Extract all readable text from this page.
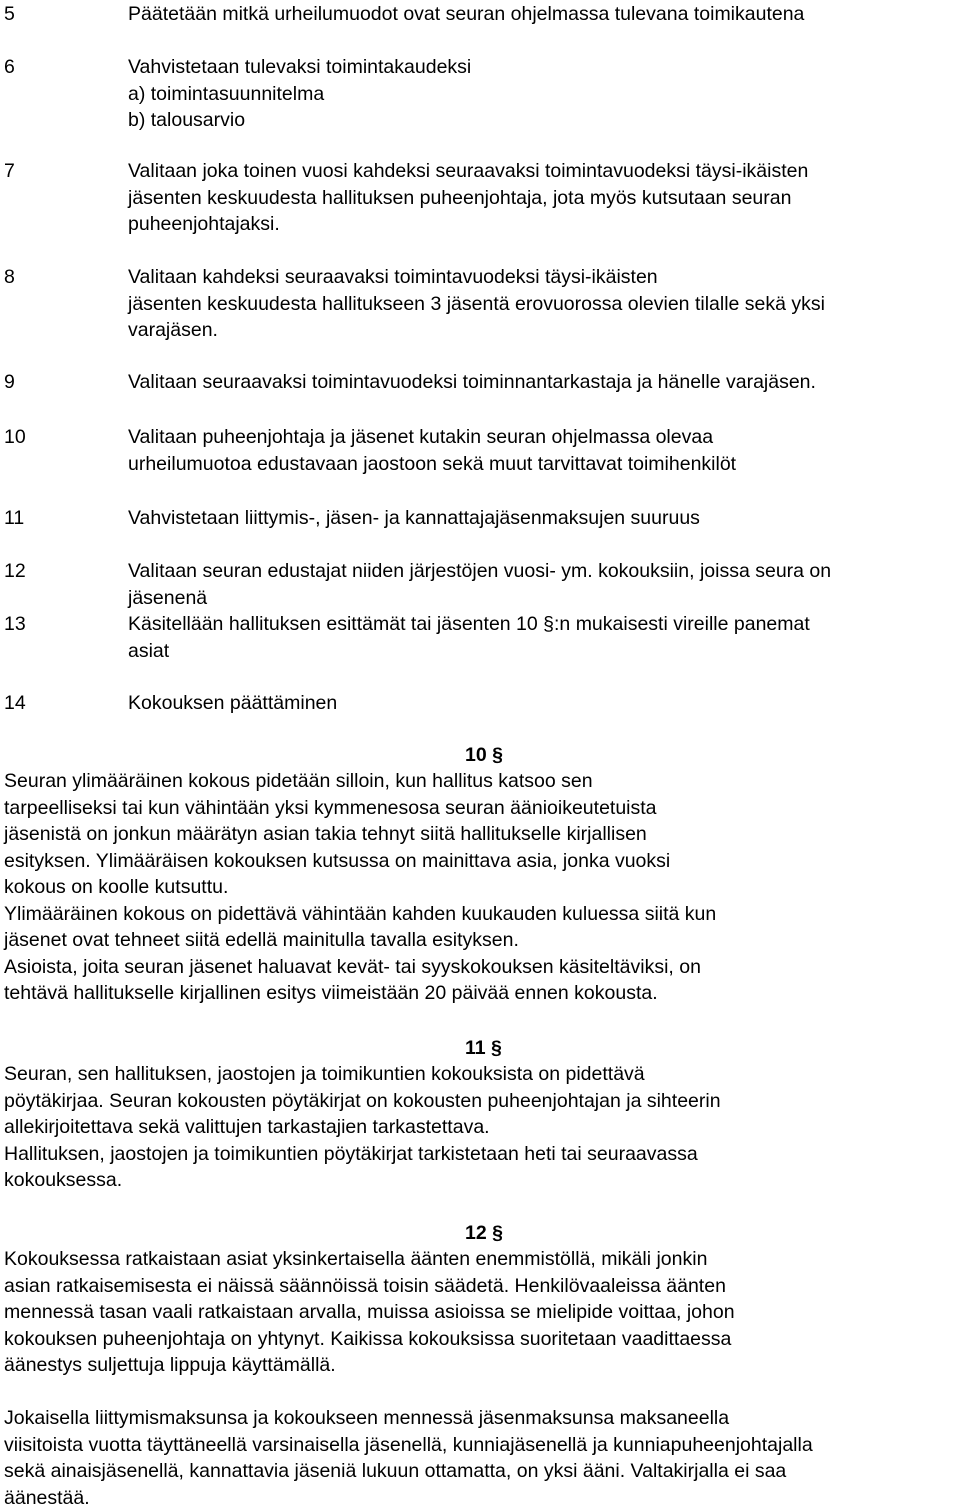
5	Päätetään mitkä urheilumuodot ovat seuran ohjelmassa tulevana toimikautena
6	Vahvistetaan tulevaksi toimintakaudeksi
a) toimintasuunnitelma
b) talousarvio
7	Valitaan joka toinen vuosi kahdeksi seuraavaksi toimintavuodeksi täysi-ikäisten
jäsenten keskuudesta hallituksen puheenjohtaja, jota myös kutsutaan seuran
puheenjohtajaksi.
8	Valitaan kahdeksi seuraavaksi toimintavuodeksi täysi-ikäisten
jäsenten keskuudesta hallitukseen 3 jäsentä erovuorossa olevien tilalle sekä yksi
varajäsen.
9	Valitaan seuraavaksi toimintavuodeksi toiminnantarkastaja ja hänelle varajäsen.
10	Valitaan puheenjohtaja ja jäsenet kutakin seuran ohjelmassa olevaa
urheilumuotoa edustavaan jaostoon sekä muut tarvittavat toimihenkilöt
11	Vahvistetaan liittymis-, jäsen- ja kannattajajäsenmaksujen suuruus
12	Valitaan seuran edustajat niiden järjestöjen vuosi- ym. kokouksiin, joissa seura on
jäsenenä
13	Käsitellään hallituksen esittämät tai jäsenten 10 §:n mukaisesti vireille panemat
asiat
14	Kokouksen päättäminen
10 §
Seuran ylimääräinen kokous pidetään silloin, kun hallitus katsoo sen
tarpeelliseksi tai kun vähintään yksi kymmenesosa seuran äänioikeutetuista
jäsenistä on jonkun määrätyn asian takia tehnyt siitä hallitukselle kirjallisen
esityksen. Ylimääräisen kokouksen kutsussa on mainittava asia, jonka vuoksi
kokous on koolle kutsuttu.
Ylimääräinen kokous on pidettävä vähintään kahden kuukauden kuluessa siitä kun
jäsenet ovat tehneet siitä edellä mainitulla tavalla esityksen.
Asioista, joita seuran jäsenet haluavat kevät- tai syyskokouksen käsiteltäviksi, on
tehtävä hallitukselle kirjallinen esitys viimeistään 20 päivää ennen kokousta.
11 §
Seuran, sen hallituksen, jaostojen ja toimikuntien kokouksista on pidettävä
pöytäkirjaa. Seuran kokousten pöytäkirjat on kokousten puheenjohtajan ja sihteerin
allekirjoitettava sekä valittujen tarkastajien tarkastettava.
Hallituksen, jaostojen ja toimikuntien pöytäkirjat tarkistetaan heti tai seuraavassa
kokouksessa.
12 §
Kokouksessa ratkaistaan asiat yksinkertaisella äänten enemmistöllä, mikäli jonkin
asian ratkaisemisesta ei näissä säännöissä toisin säädetä. Henkilövaaleissa äänten
mennessä tasan vaali ratkaistaan arvalla, muissa asioissa se mielipide voittaa, johon
kokouksen puheenjohtaja on yhtynyt. Kaikissa kokouksissa suoritetaan vaadittaessa
äänestys suljettuja lippuja käyttämällä.
Jokaisella liittymismaksunsa ja kokoukseen mennessä jäsenmaksunsa maksaneella
viisitoista vuotta täyttäneellä varsinaisella jäsenellä, kunniajäsenellä ja kunniapuheenjohtajalla
sekä ainaisjäsenellä, kannattavia jäseniä lukuun ottamatta, on yksi ääni. Valtakirjalla ei saa
äänestää.
